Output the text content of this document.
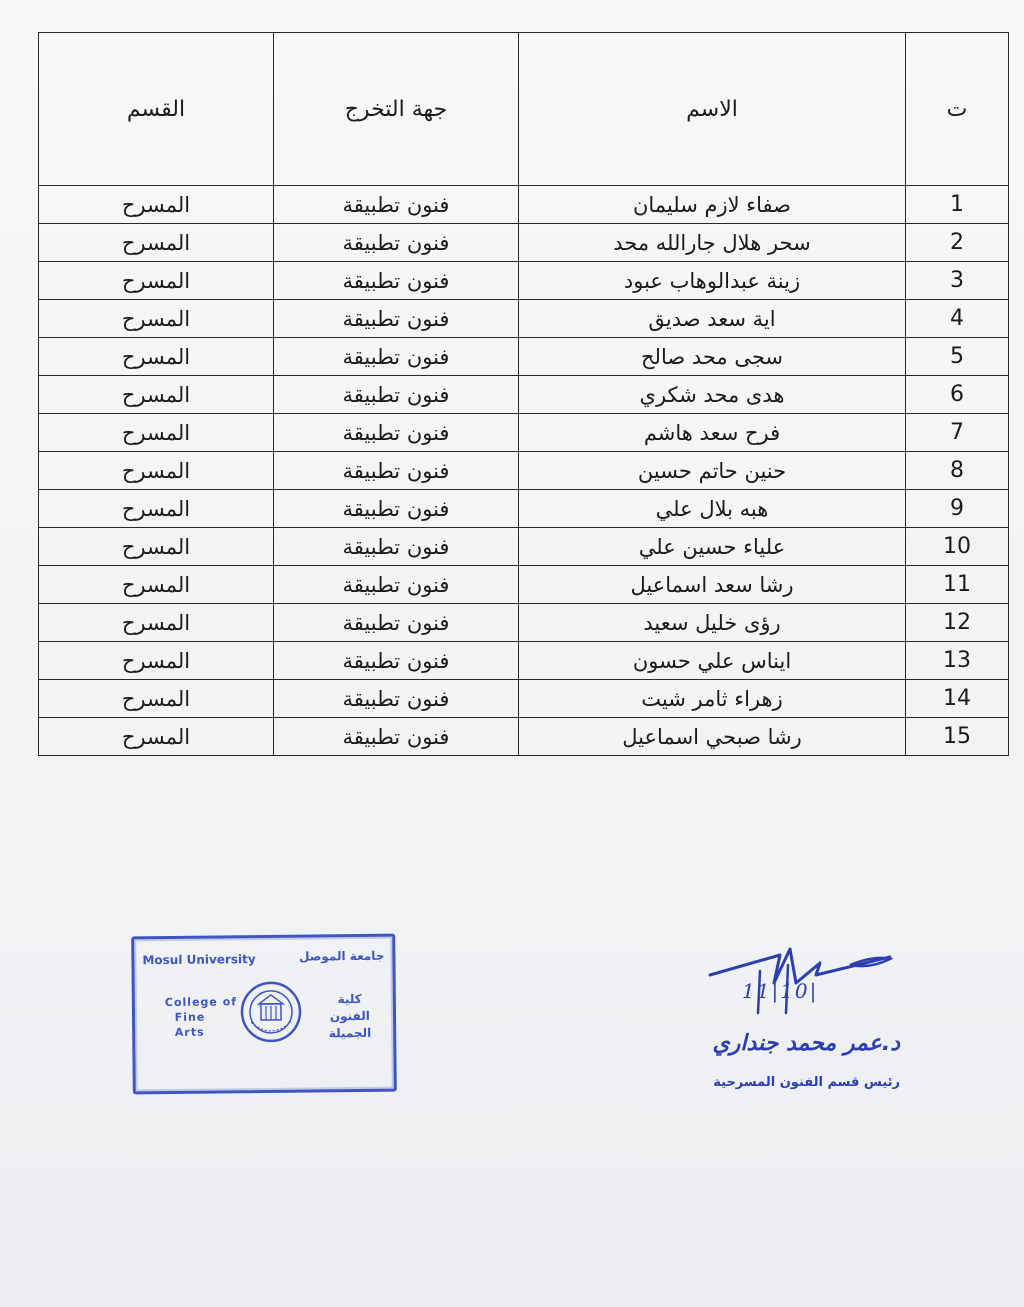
ت	الاسم	جهة التخرج	القسم
1	صفاء لازم سليمان	فنون تطبيقة	المسرح
2	سحر هلال جارالله محد	فنون تطبيقة	المسرح
3	زينة عبدالوهاب عبود	فنون تطبيقة	المسرح
4	اية سعد صديق	فنون تطبيقة	المسرح
5	سجى محد صالح	فنون تطبيقة	المسرح
6	هدى محد شكري	فنون تطبيقة	المسرح
7	فرح سعد هاشم	فنون تطبيقة	المسرح
8	حنين حاتم حسين	فنون تطبيقة	المسرح
9	هبه بلال علي	فنون تطبيقة	المسرح
10	علياء حسين علي	فنون تطبيقة	المسرح
11	رشا سعد اسماعيل	فنون تطبيقة	المسرح
12	رؤى خليل سعيد	فنون تطبيقة	المسرح
13	ايناس علي حسون	فنون تطبيقة	المسرح
14	زهراء ثامر شيت	فنون تطبيقة	المسرح
15	رشا صبحي اسماعيل	فنون تطبيقة	المسرح
Mosul University	جامعة الموصل
College of
Fine
Arts
كلية
الفنون
الجميلة
11|10|
د.عمر محمد جنداري
رئيس قسم الفنون المسرحية
